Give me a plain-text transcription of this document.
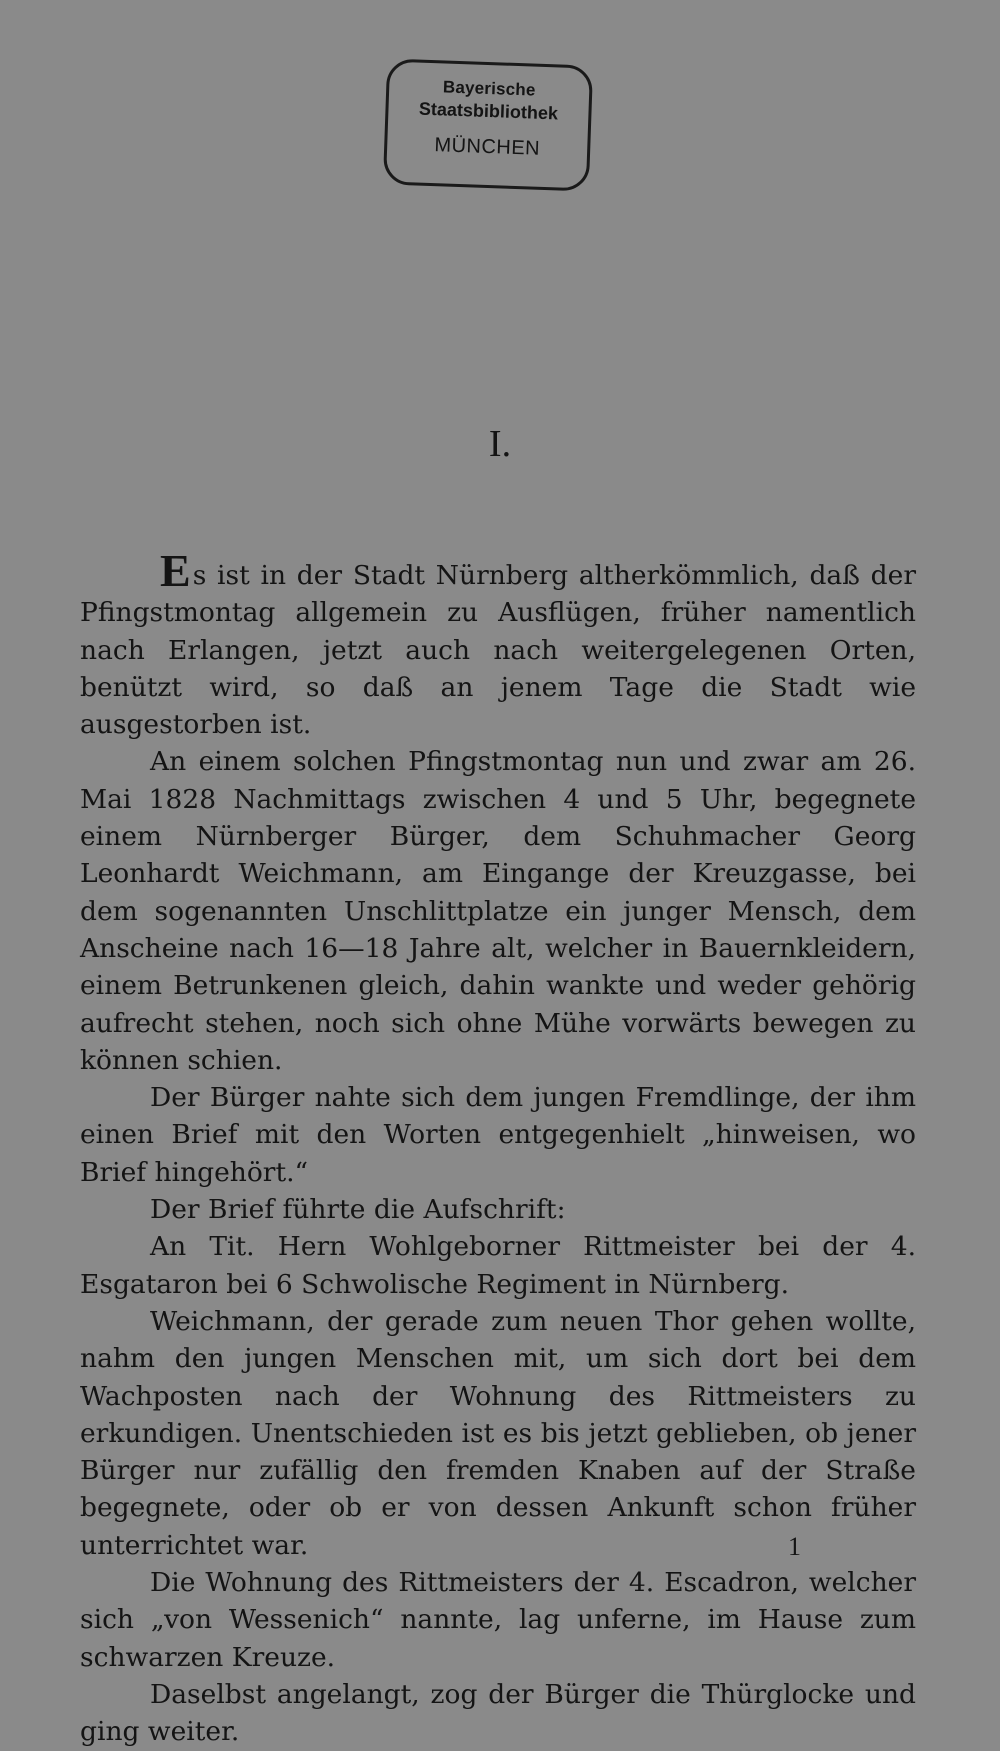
Bayerische
Staatsbibliothek
MÜNCHEN
I.

Es ist in der Stadt Nürnberg altherkömmlich, daß der Pfingstmontag allgemein zu Ausflügen, früher namentlich nach Erlangen, jetzt auch nach weitergelegenen Orten, benützt wird, so daß an jenem Tage die Stadt wie ausgestorben ist.

An einem solchen Pfingstmontag nun und zwar am 26. Mai 1828 Nachmittags zwischen 4 und 5 Uhr, begegnete einem Nürnberger Bürger, dem Schuhmacher Georg Leonhardt Weichmann, am Eingange der Kreuzgasse, bei dem sogenannten Unschlittplatze ein junger Mensch, dem Anscheine nach 16—18 Jahre alt, welcher in Bauernkleidern, einem Betrunkenen gleich, dahin wankte und weder gehörig aufrecht stehen, noch sich ohne Mühe vorwärts bewegen zu können schien.

Der Bürger nahte sich dem jungen Fremdlinge, der ihm einen Brief mit den Worten entgegenhielt „hinweisen, wo Brief hingehört.“

Der Brief führte die Aufschrift:

An Tit. Hern Wohlgeborner Rittmeister bei der 4. Esgataron bei 6 Schwolische Regiment in Nürnberg.

Weichmann, der gerade zum neuen Thor gehen wollte, nahm den jungen Menschen mit, um sich dort bei dem Wachposten nach der Wohnung des Rittmeisters zu erkundigen. Unentschieden ist es bis jetzt geblieben, ob jener Bürger nur zufällig den fremden Knaben auf der Straße begegnete, oder ob er von dessen Ankunft schon früher unterrichtet war.

Die Wohnung des Rittmeisters der 4. Escadron, welcher sich „von Wessenich“ nannte, lag unferne, im Hause zum schwarzen Kreuze.

Daselbst angelangt, zog der Bürger die Thürglocke und ging weiter.

1
